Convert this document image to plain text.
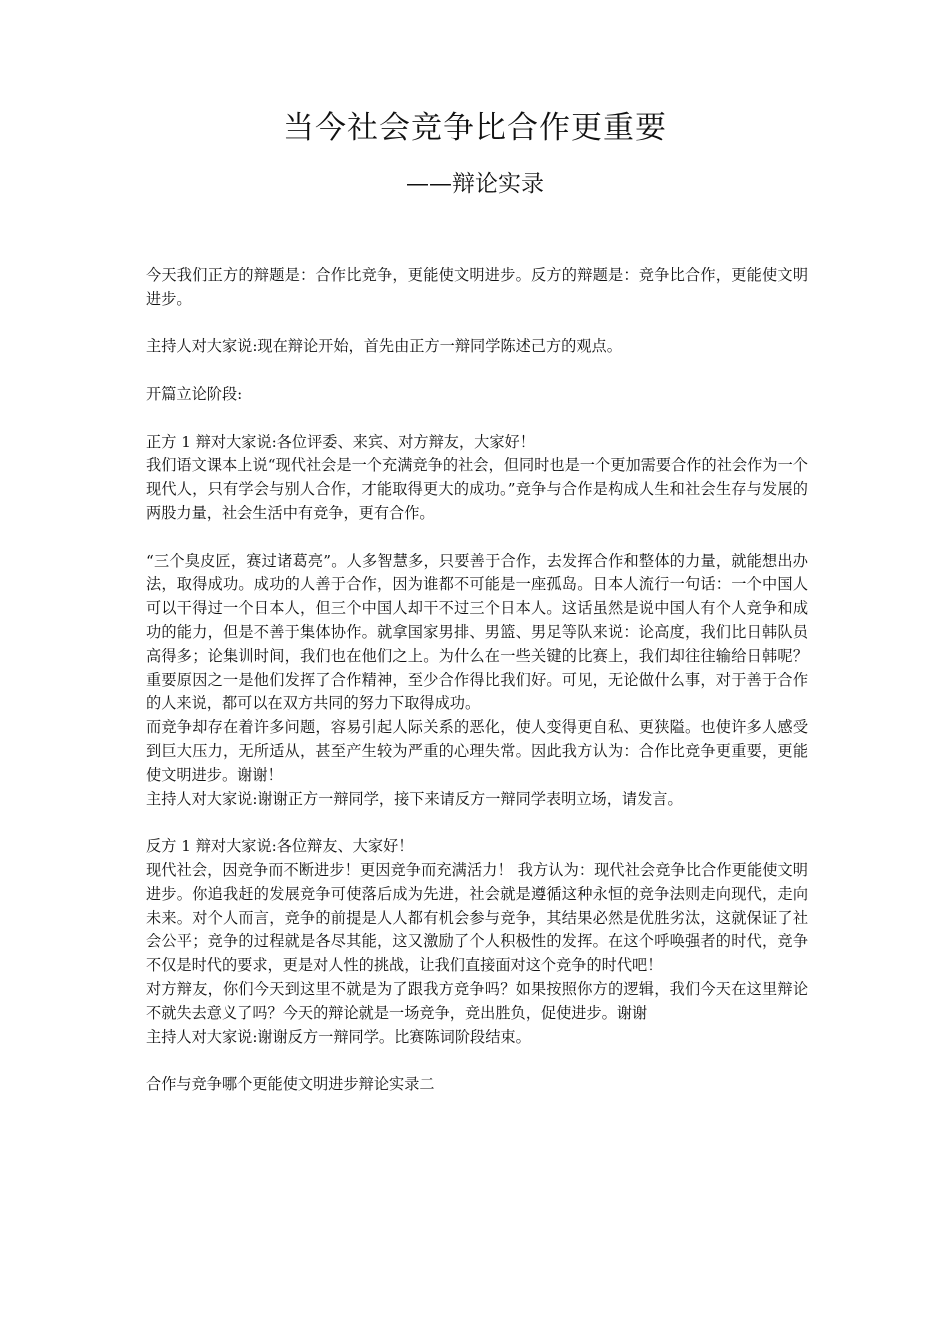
当今社会竞争比合作更重要
——辩论实录

今天我们正方的辩题是：合作比竞争，更能使文明进步。反方的辩题是：竞争比合作，更能使文明进步。

主持人对大家说:现在辩论开始，首先由正方一辩同学陈述己方的观点。

开篇立论阶段:

正方 1 辩对大家说:各位评委、来宾、对方辩友，大家好！

我们语文课本上说“现代社会是一个充满竞争的社会，但同时也是一个更加需要合作的社会作为一个现代人，只有学会与别人合作，才能取得更大的成功。”竞争与合作是构成人生和社会生存与发展的两股力量，社会生活中有竞争，更有合作。

“三个臭皮匠，赛过诸葛亮”。人多智慧多，只要善于合作，去发挥合作和整体的力量，就能想出办法，取得成功。成功的人善于合作，因为谁都不可能是一座孤岛。日本人流行一句话：一个中国人可以干得过一个日本人，但三个中国人却干不过三个日本人。这话虽然是说中国人有个人竞争和成功的能力，但是不善于集体协作。就拿国家男排、男篮、男足等队来说：论高度，我们比日韩队员高得多；论集训时间，我们也在他们之上。为什么在一些关键的比赛上，我们却往往输给日韩呢？重要原因之一是他们发挥了合作精神，至少合作得比我们好。可见，无论做什么事，对于善于合作的人来说，都可以在双方共同的努力下取得成功。

而竞争却存在着许多问题，容易引起人际关系的恶化，使人变得更自私、更狭隘。也使许多人感受到巨大压力，无所适从，甚至产生较为严重的心理失常。因此我方认为：合作比竞争更重要，更能使文明进步。谢谢！

主持人对大家说:谢谢正方一辩同学，接下来请反方一辩同学表明立场，请发言。

反方 1 辩对大家说:各位辩友、大家好！

现代社会，因竞争而不断进步！更因竞争而充满活力！ 我方认为：现代社会竞争比合作更能使文明进步。你追我赶的发展竞争可使落后成为先进，社会就是遵循这种永恒的竞争法则走向现代，走向未来。对个人而言，竞争的前提是人人都有机会参与竞争，其结果必然是优胜劣汰，这就保证了社会公平；竞争的过程就是各尽其能，这又激励了个人积极性的发挥。在这个呼唤强者的时代，竞争不仅是时代的要求，更是对人性的挑战，让我们直接面对这个竞争的时代吧！

对方辩友，你们今天到这里不就是为了跟我方竞争吗？如果按照你方的逻辑，我们今天在这里辩论不就失去意义了吗？今天的辩论就是一场竞争，竞出胜负，促使进步。谢谢

主持人对大家说:谢谢反方一辩同学。比赛陈词阶段结束。

合作与竞争哪个更能使文明进步辩论实录二
